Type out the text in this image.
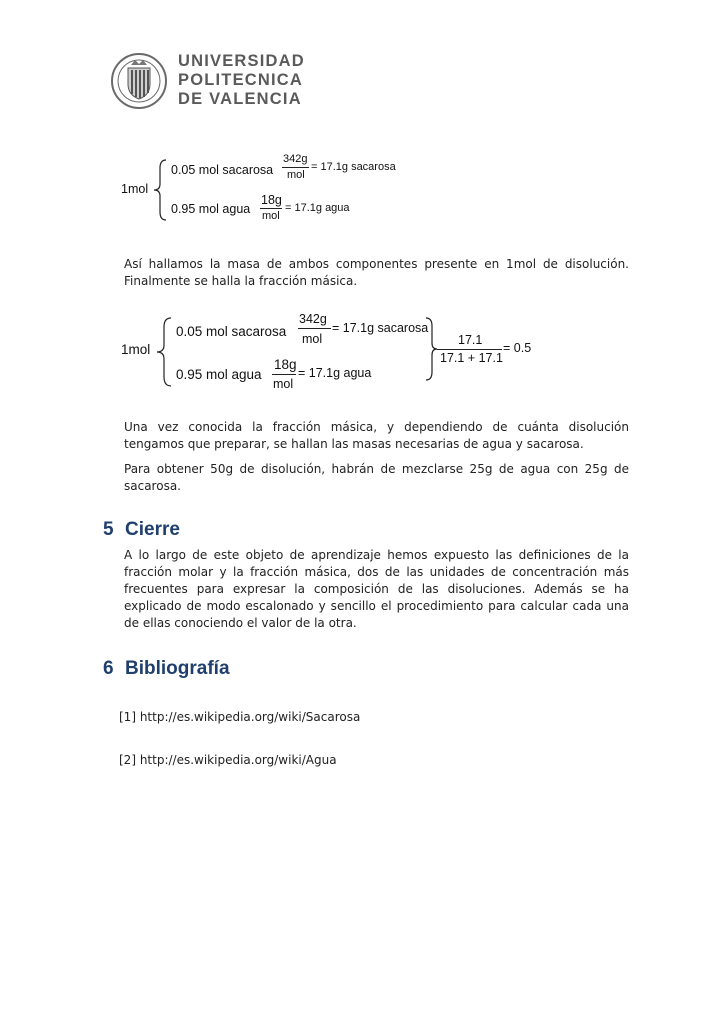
UNIVERSIDAD
POLITECNICA
DE VALENCIA
1mol
0.05 mol sacarosa
342g
mol
= 17.1g sacarosa
0.95 mol agua
18g
mol
= 17.1g agua
Así hallamos la masa de ambos componentes presente en 1mol de disolución. Finalmente se halla la fracción másica.
1mol
0.05 mol sacarosa
342g
mol
= 17.1g sacarosa
0.95 mol agua
18g
mol
= 17.1g agua
17.1
17.1 + 17.1
= 0.5
Una vez conocida la fracción másica, y dependiendo de cuánta disolución tengamos que preparar, se hallan las masas necesarias de agua y sacarosa.
Para obtener 50g de disolución, habrán de mezclarse 25g de agua con 25g de sacarosa.
5 Cierre
A lo largo de este objeto de aprendizaje hemos expuesto las definiciones de la fracción molar y la fracción másica, dos de las unidades de concentración más frecuentes para expresar la composición de las disoluciones. Además se ha explicado de modo escalonado y sencillo el procedimiento para calcular cada una de ellas conociendo el valor de la otra.
6 Bibliografía
[1] http://es.wikipedia.org/wiki/Sacarosa
[2] http://es.wikipedia.org/wiki/Agua
